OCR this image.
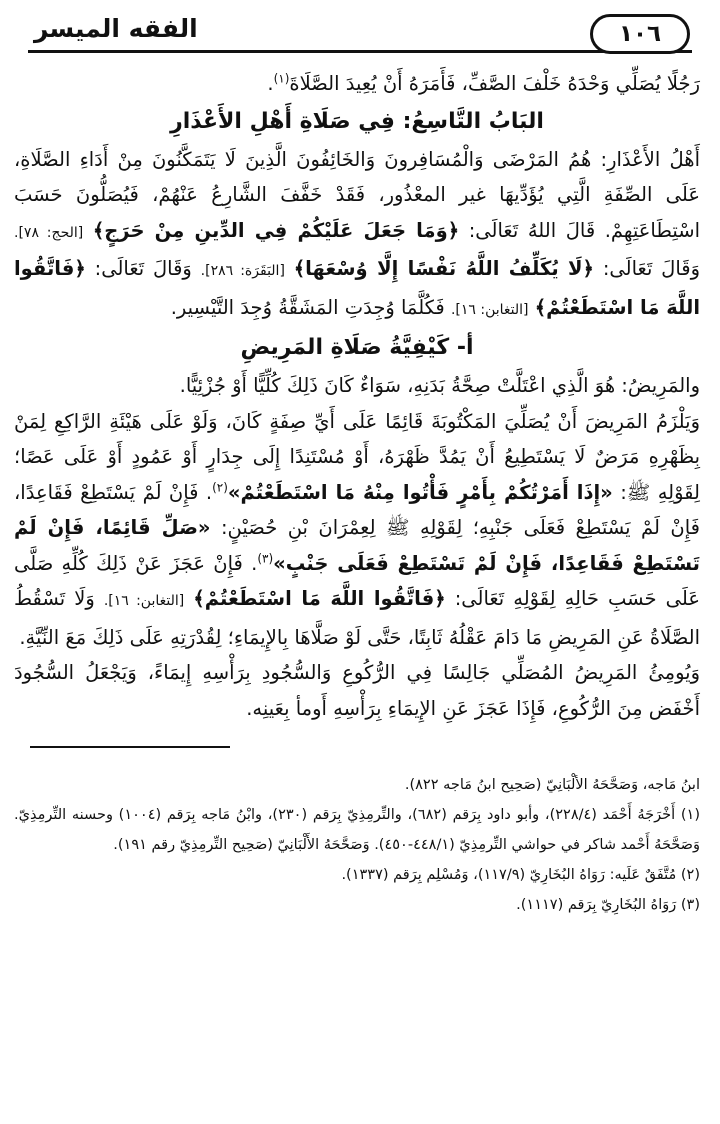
١٠٦
الفقه الميسر

رَجُلًا يُصَلِّي وَحْدَهُ خَلْفَ الصَّفِّ، فَأَمَرَهُ أَنْ يُعِيدَ الصَّلَاةَ$^{(١)}$.

البَابُ التَّاسِعُ: فِي صَلَاةِ أَهْلِ الأَعْذَارِ

أَهْلُ الأَعْذَارِ: هُمُ المَرْضَى وَالْمُسَافِرونَ وَالخَائِفُونَ الَّذِينَ لَا يَتَمَكَّنُونَ مِنْ أَدَاءِ الصَّلَاةِ، عَلَى الصِّفَةِ الَّتِي يُؤَدِّيهَا غير المعْذُور، فَقَدْ خَفَّفَ الشَّارِعُ عَنْهُمْ، فَيُصَلُّونَ حَسَبَ اسْتِطَاعَتِهِمْ. قَالَ اللهُ تَعَالَى: ﴿وَمَا جَعَلَ عَلَيْكُمْ فِي الدِّينِ مِنْ حَرَجٍ﴾ [الحج: ٧٨]. وَقَالَ تَعَالَى: ﴿لَا يُكَلِّفُ اللَّهُ نَفْسًا إِلَّا وُسْعَهَا﴾ [البَقَرَة: ٢٨٦]. وَقَالَ تَعَالَى: ﴿فَاتَّقُوا اللَّهَ مَا اسْتَطَعْتُمْ﴾ [التغابن: ١٦]. فَكُلَّمَا وُجِدَتِ المَشَقَّةُ وُجِدَ التَّيْسِير.

أ- كَيْفِيَّةُ صَلَاةِ المَرِيضِ

والمَرِيضُ: هُوَ الَّذِي اعْتَلَّتْ صِحَّةُ بَدَنِهِ، سَوَاءٌ كَانَ ذَلِكَ كُلِّيًّا أَوْ جُزْئِيًّا.

وَيَلْزَمُ المَرِيضَ أَنْ يُصَلِّيَ المَكْتُوبَةَ قَائِمًا عَلَى أَيِّ صِفَةٍ كَانَ، وَلَوْ عَلَى هَيْئَةِ الرَّاكِعِ لِمَنْ بِظَهْرِهِ مَرَضٌ لَا يَسْتَطِيعُ أَنْ يَمُدَّ ظَهْرَهُ، أَوْ مُسْتَنِدًا إِلَى جِدَارٍ أَوْ عَمُودٍ أَوْ عَلَى عَصًا؛ لِقَوْلِهِ ﷺ: «إِذَا أَمَرْتُكُمْ بِأَمْرٍ فَأْتُوا مِنْهُ مَا اسْتَطَعْتُمْ»$^{(٢)}$. فَإِنْ لَمْ يَسْتَطِعْ فَقَاعِدًا، فَإِنْ لَمْ يَسْتَطِعْ فَعَلَى جَنْبِهِ؛ لِقَوْلِهِ ﷺ لِعِمْرَانَ بْنِ حُصَيْنٍ: «صَلِّ قَائِمًا، فَإِنْ لَمْ تَسْتَطِعْ فَقَاعِدًا، فَإِنْ لَمْ تَسْتَطِعْ فَعَلَى جَنْبٍ»$^{(٣)}$. فَإِنْ عَجَزَ عَنْ ذَلِكَ كُلِّهِ صَلَّى عَلَى حَسَبِ حَالِهِ لِقَوْلِهِ تَعَالَى: ﴿فَاتَّقُوا اللَّهَ مَا اسْتَطَعْتُمْ﴾ [التغابن: ١٦]. وَلَا تَسْقُطُ الصَّلَاةُ عَنِ المَرِيضِ مَا دَامَ عَقْلُهُ ثَابِتًا، حَتَّى لَوْ صَلَّاهَا بِالإِيمَاءِ؛ لِقُدْرَتِهِ عَلَى ذَلِكَ مَعَ النِّيَّةِ.

وَيُومِئُ المَرِيضُ المُصَلِّي جَالِسًا فِي الرُّكُوعِ وَالسُّجُودِ بِرَأْسِهِ إِيمَاءً، وَيَجْعَلُ السُّجُودَ أَخْفَض مِنَ الرُّكُوعِ، فَإِذَا عَجَزَ عَنِ الإِيمَاءِ بِرَأْسِهِ أَومأ بِعَينِه.

ابنُ مَاجه، وَصَحَّحَهُ الألْبَانِيّ (صَحِيح ابنُ مَاجه ٨٢٢).

(١) أَخْرَجَهُ أَحْمَد (٢٢٨/٤)، وأبو داود بِرَقم (٦٨٢)، والتِّرمِذِيّ بِرَقم (٢٣٠)، وابْنُ مَاجه بِرَقم (١٠٠٤) وحسنه التِّرمِذِيّ. وَصَحَّحَهُ أَحْمد شاكر في حواشي التِّرمِذِيّ (٤٤٨/١-٤٥٠). وَصَحَّحَهُ الأَلْبَانِيّ (صَحِيح التِّرمِذِيّ رقم ١٩١).

(٢) مُتَّفَقٌ عَلَيه: رَوَاهُ البُخَارِيّ (١١٧/٩)، وَمُسْلِم بِرَقم (١٣٣٧).

(٣) رَوَاهُ البُخَارِيّ بِرَقم (١١١٧).
